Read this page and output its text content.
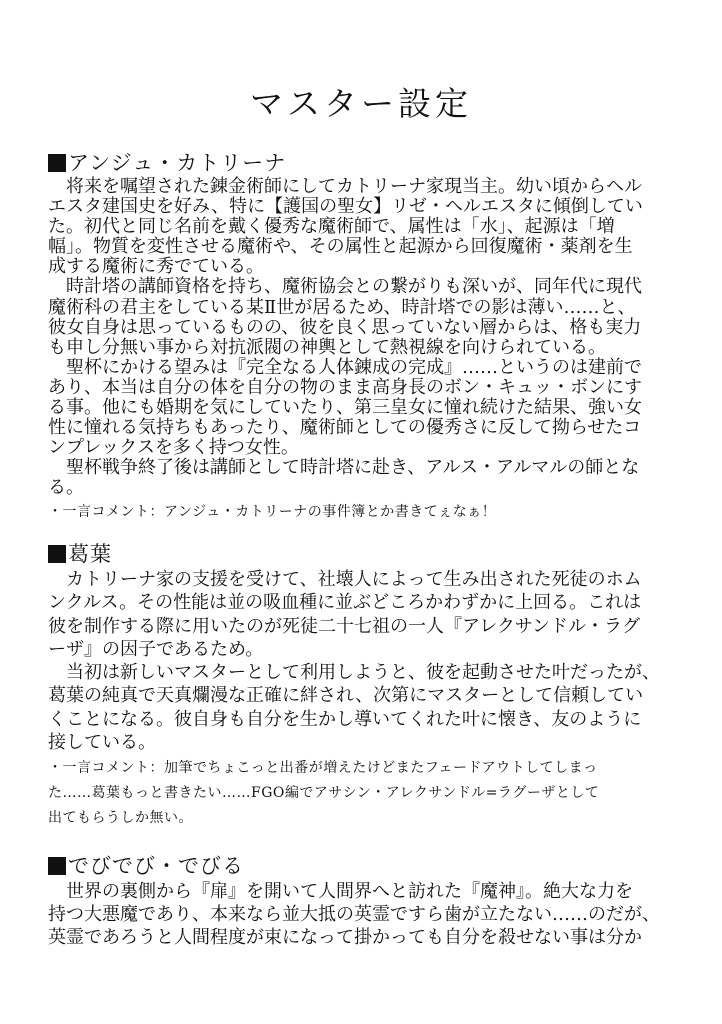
マスター設定
アンジュ・カトリーナ
　将来を嘱望された錬金術師にしてカトリーナ家現当主。幼い頃からヘル
エスタ建国史を好み、特に【護国の聖女】リゼ・ヘルエスタに傾倒してい
た。初代と同じ名前を戴く優秀な魔術師で、属性は「水」、起源は「増
幅」。物質を変性させる魔術や、その属性と起源から回復魔術・薬剤を生
成する魔術に秀でている。
　時計塔の講師資格を持ち、魔術協会との繋がりも深いが、同年代に現代
魔術科の君主をしている某Ⅱ世が居るため、時計塔での影は薄い……と、
彼女自身は思っているものの、彼を良く思っていない層からは、格も実力
も申し分無い事から対抗派閥の神輿として熱視線を向けられている。
　聖杯にかける望みは『完全なる人体錬成の完成』……というのは建前で
あり、本当は自分の体を自分の物のまま高身長のボン・キュッ・ボンにす
る事。他にも婚期を気にしていたり、第三皇女に憧れ続けた結果、強い女
性に憧れる気持ちもあったり、魔術師としての優秀さに反して拗らせたコ
ンプレックスを多く持つ女性。
　聖杯戦争終了後は講師として時計塔に赴き、アルス・アルマルの師とな
る。
・一言コメント：アンジュ・カトリーナの事件簿とか書きてぇなぁ！
葛葉
　カトリーナ家の支援を受けて、社壊人によって生み出された死徒のホム
ンクルス。その性能は並の吸血種に並ぶどころかわずかに上回る。これは
彼を制作する際に用いたのが死徒二十七祖の一人『アレクサンドル・ラグ
ーザ』の因子であるため。
　当初は新しいマスターとして利用しようと、彼を起動させた叶だったが、
葛葉の純真で天真爛漫な正確に絆され、次第にマスターとして信頼してい
くことになる。彼自身も自分を生かし導いてくれた叶に懐き、友のように
接している。
・一言コメント：加筆でちょこっと出番が増えたけどまたフェードアウトしてしまっ
た……葛葉もっと書きたい……FGO編でアサシン・アレクサンドル=ラグーザとして
出てもらうしか無い。
でびでび・でびる
　世界の裏側から『扉』を開いて人間界へと訪れた『魔神』。絶大な力を
持つ大悪魔であり、本来なら並大抵の英霊ですら歯が立たない……のだが、
英霊であろうと人間程度が束になって掛かっても自分を殺せない事は分か
